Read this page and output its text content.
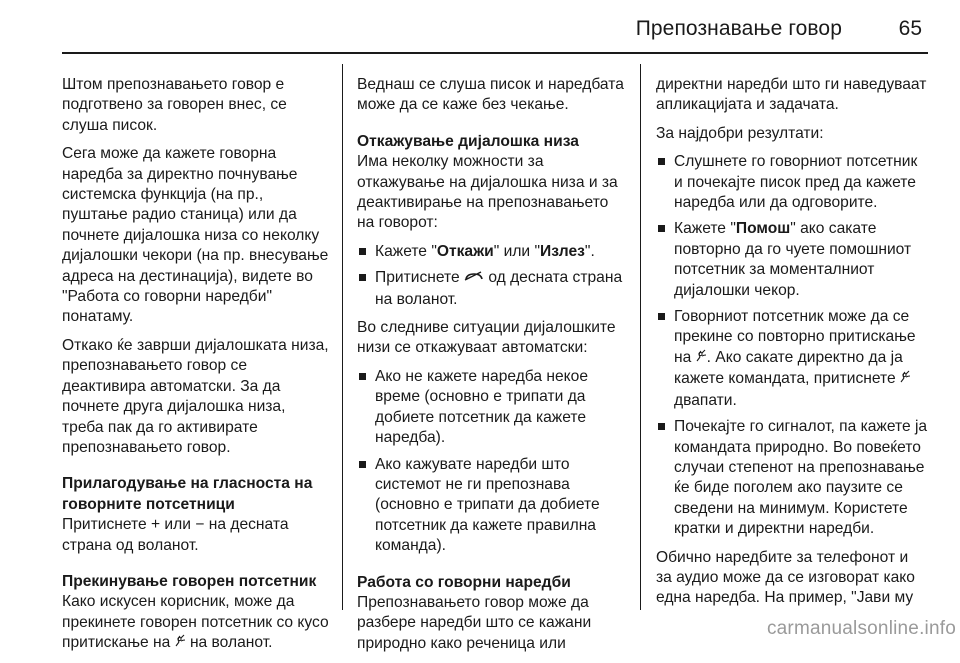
Препознавање говор	65

Штом препознавањето говор е подготвено за говорен внес, се слуша писок.

Сега може да кажете говорна наредба за директно почнување системска функција (на пр., пуштање радио станица) или да почнете дијалошка низа со неколку дијалошки чекори (на пр. внесување адреса на дестинација), видете во "Работа со говорни наредби" понатаму.

Откако ќе заврши дијалошката низа, препознавањето говор се деактивира автоматски. За да почнете друга дијалошка низа, треба пак да го активирате препознавањето говор.

Прилагодување на гласноста на говорните потсетници

Притиснете + или − на десната страна од воланот.

Прекинување говорен потсетник

Како искусен корисник, може да прекинете говорен потсетник со кусо притискање на  на воланот.

Веднаш се слуша писок и наредбата може да се каже без чекање.

Откажување дијалошка низа

Има неколку можности за откажување на дијалошка низа и за деактивирање на препознавањето на говорот:

Кажете "Откажи" или "Излез".
Притиснете  од десната страна на воланот.

Во следниве ситуации дијалошките низи се откажуваат автоматски:

Ако не кажете наредба некое време (основно е трипати да добиете потсетник да кажете наредба).
Ако кажувате наредби што системот не ги препознава (основно е трипати да добиете потсетник да кажете правилна команда).

Работа со говорни наредби

Препознавањето говор може да разбере наредби што се кажани природно како реченица или

директни наредби што ги наведуваат апликацијата и задачата.

За најдобри резултати:

Слушнете го говорниот потсетник и почекајте писок пред да кажете наредба или да одговорите.
Кажете "Помош" ако сакате повторно да го чуете помошниот потсетник за моменталниот дијалошки чекор.
Говорниот потсетник може да се прекине со повторно притискање на . Ако сакате директно да ја кажете командата, притиснете  двапати.
Почекајте го сигналот, па кажете ја командата природно. Во повеќето случаи степенот на препознавање ќе биде поголем ако паузите се сведени на минимум. Користете кратки и директни наредби.

Обично наредбите за телефонот и за аудио може да се изговорат како една наредба. На пример, "Јави му

carmanualsonline.info
